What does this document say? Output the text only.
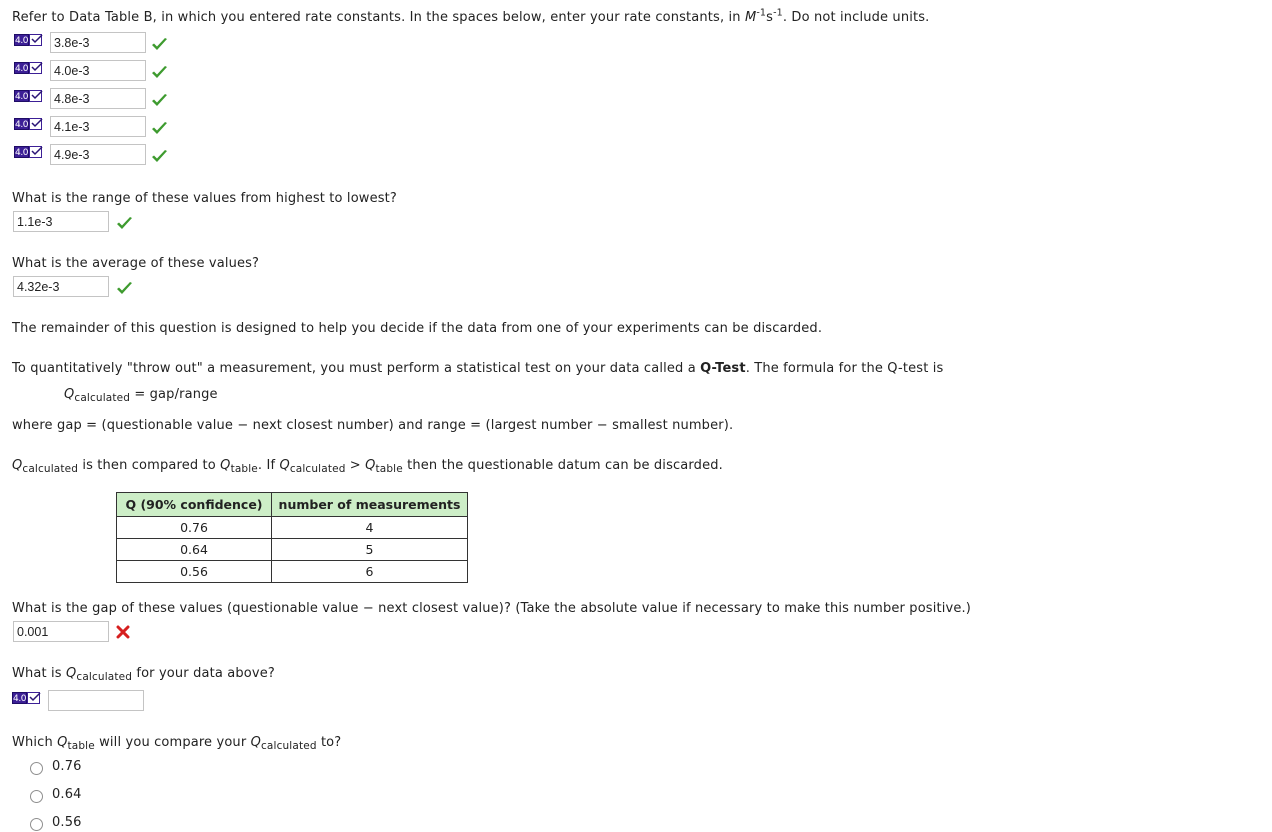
Refer to Data Table B, in which you entered rate constants. In the spaces below, enter your rate constants, in $M^{-1}s^{-1}$. Do not include units.
4.0
3.8e-3
4.0
4.0e-3
4.0
4.8e-3
4.0
4.1e-3
4.0
4.9e-3
What is the range of these values from highest to lowest?
1.1e-3
What is the average of these values?
4.32e-3
The remainder of this question is designed to help you decide if the data from one of your experiments can be discarded.
To quantitatively "throw out" a measurement, you must perform a statistical test on your data called a Q-Test. The formula for the Q-test is
$Q_{calculated}$ = gap/range
where gap = (questionable value − next closest number) and range = (largest number − smallest number).
$Q_{calculated}$ is then compared to $Q_{table}$. If $Q_{calculated} > Q_{table}$ then the questionable datum can be discarded.
Q (90% confidence)	number of measurements
0.76	4
0.64	5
0.56	6
What is the gap of these values (questionable value − next closest value)? (Take the absolute value if necessary to make this number positive.)
0.001
What is $Q_{calculated}$ for your data above?
4.0
Which $Q_{table}$ will you compare your $Q_{calculated}$ to?
0.76
0.64
0.56
